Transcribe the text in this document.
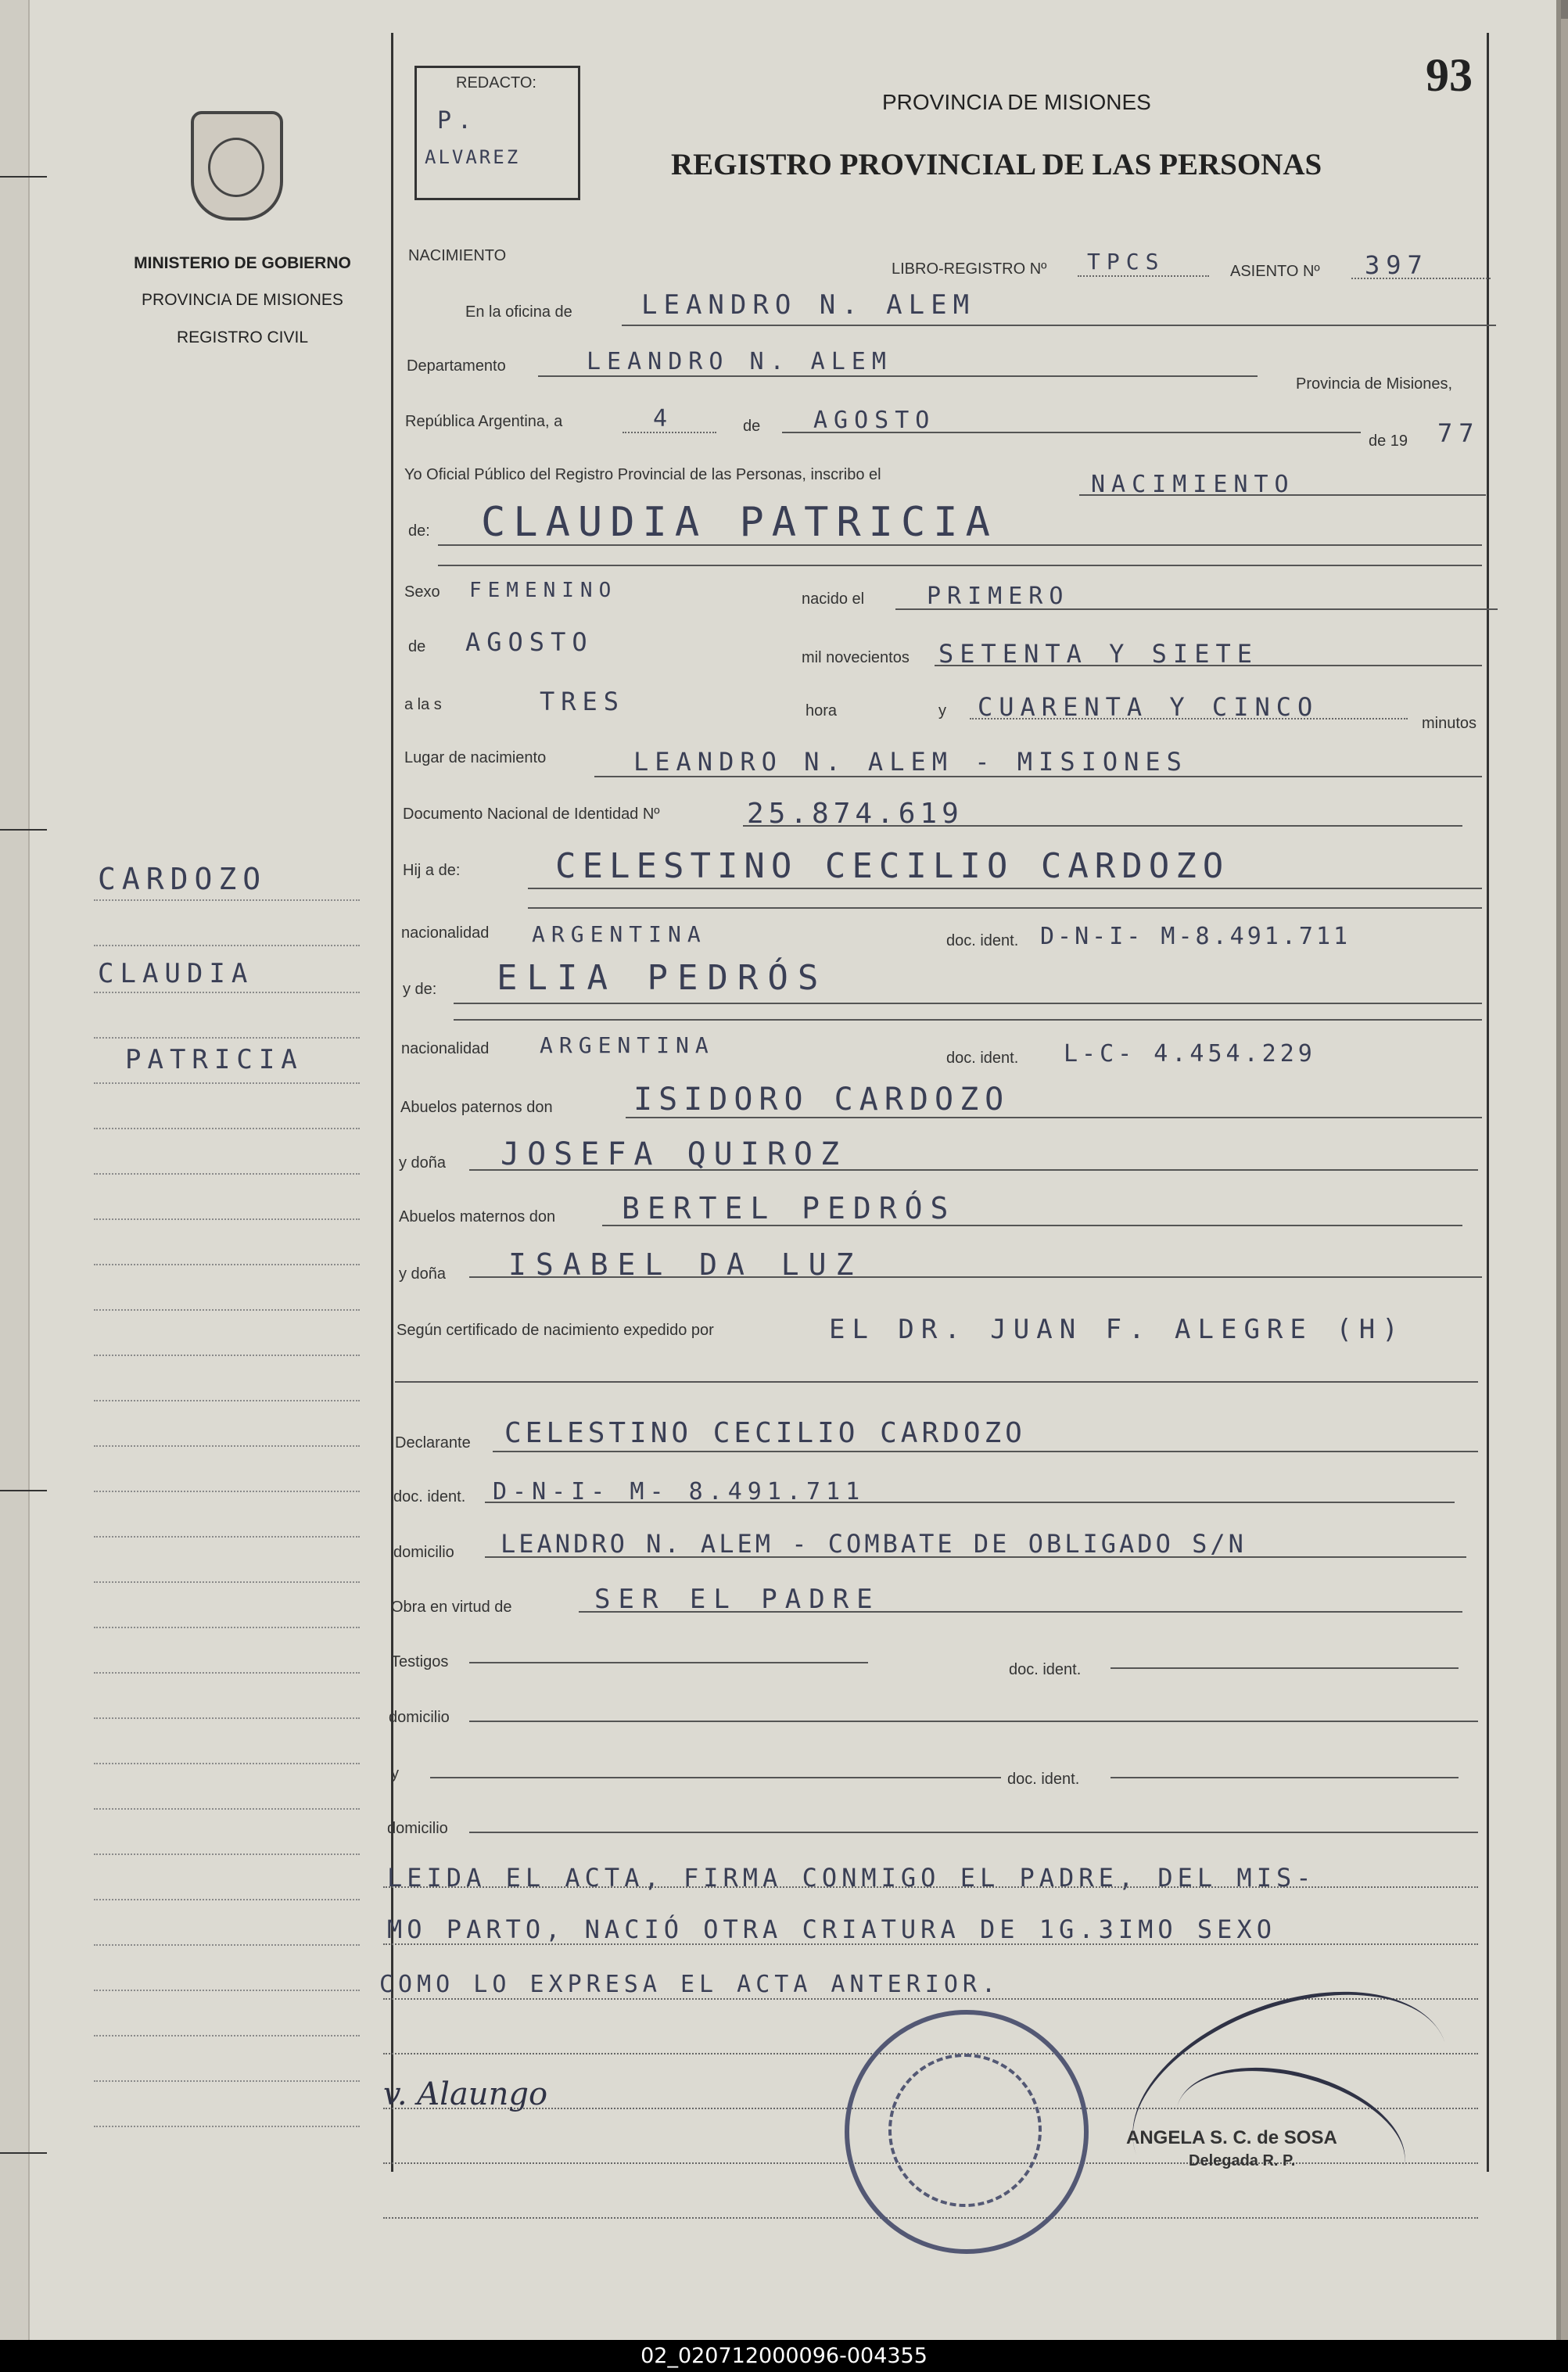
MINISTERIO DE GOBIERNO
PROVINCIA DE MISIONES
REGISTRO CIVIL
CARDOZO
CLAUDIA
PATRICIA
REDACTO:
P.
ALVAREZ
PROVINCIA DE MISIONES
REGISTRO PROVINCIAL DE LAS PERSONAS
93
NACIMIENTO
LIBRO-REGISTRO Nº TPCS	ASIENTO Nº 397
En la oficina de	LEANDRO N. ALEM
Departamento	LEANDRO N. ALEM
Provincia de Misiones,
República Argentina, a	4	de AGOSTO
de 19 77
Yo Oficial Público del Registro Provincial de las Personas, inscribo el	NACIMIENTO
de: CLAUDIA PATRICIA
Sexo FEMENINO	nacido el	PRIMERO
de AGOSTO
mil novecientos SETENTA Y SIETE
a la s	TRES	hora	y CUARENTA Y CINCO
minutos
Lugar de nacimiento	LEANDRO N. ALEM - MISIONES
Documento Nacional de Identidad Nº	25.874.619
Hij a de:	CELESTINO CECILIO CARDOZO
nacionalidad ARGENTINA	doc. ident. D-N-I- M-8.491.711
y de: ELIA PEDRÓS
nacionalidad ARGENTINA	doc. ident. L-C- 4.454.229
Abuelos paternos don	ISIDORO CARDOZO
y doña JOSEFA QUIROZ
Abuelos maternos don BERTEL PEDRÓS
y doña ISABEL DA LUZ
Según certificado de nacimiento expedido por	EL DR. JUAN F. ALEGRE (H)
Declarante CELESTINO CECILIO CARDOZO
doc. ident. D-N-I- M- 8.491.711
domicilio LEANDRO N. ALEM - COMBATE DE OBLIGADO S/N
Obra en virtud de	SER EL PADRE
Testigos	doc. ident.
domicilio
y	doc. ident.
domicilio
LEIDA EL ACTA, FIRMA CONMIGO EL PADRE, DEL MIS-
MO PARTO, NACIÓ OTRA CRIATURA DE 1G.3IMO SEXO
COMO LO EXPRESA EL ACTA ANTERIOR.
v. Alaungo
ANGELA S. C. de SOSA
Delegada R. P.
02_020712000096-004355
